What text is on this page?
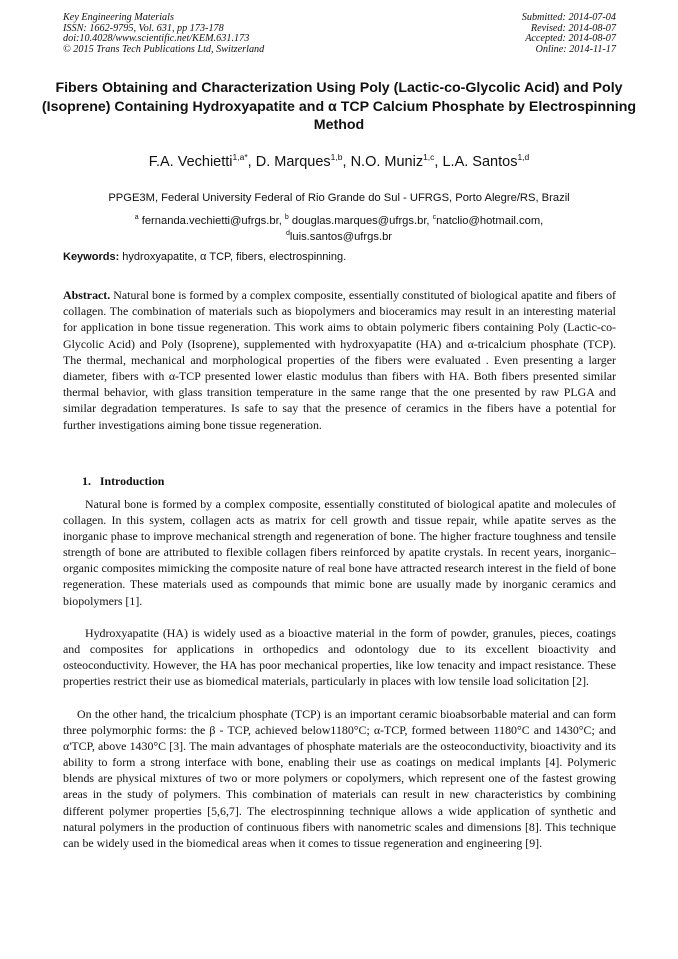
Key Engineering Materials
ISSN: 1662-9795, Vol. 631, pp 173-178
doi:10.4028/www.scientific.net/KEM.631.173
© 2015 Trans Tech Publications Ltd, Switzerland
Submitted: 2014-07-04
Revised: 2014-08-07
Accepted: 2014-08-07
Online: 2014-11-17
Fibers Obtaining and Characterization Using Poly (Lactic-co-Glycolic Acid) and Poly (Isoprene) Containing Hydroxyapatite and α TCP Calcium Phosphate by Electrospinning Method
F.A. Vechietti$^{1,a*}$, D. Marques$^{1,b}$, N.O. Muniz$^{1,c}$, L.A. Santos$^{1,d}$
PPGE3M, Federal University Federal of Rio Grande do Sul - UFRGS, Porto Alegre/RS, Brazil
$^a$ fernanda.vechietti@ufrgs.br, $^b$ douglas.marques@ufrgs.br, $^c$natclio@hotmail.com,
$^d$luis.santos@ufrgs.br
Keywords: hydroxyapatite, α TCP, fibers, electrospinning.
Abstract. Natural bone is formed by a complex composite, essentially constituted of biological apatite and fibers of collagen. The combination of materials such as biopolymers and bioceramics may result in an interesting material for application in bone tissue regeneration. This work aims to obtain polymeric fibers containing Poly (Lactic-co-Glycolic Acid) and Poly (Isoprene), supplemented with hydroxyapatite (HA) and α-tricalcium phosphate (TCP). The thermal, mechanical and morphological properties of the fibers were evaluated . Even presenting a larger diameter, fibers with α-TCP presented lower elastic modulus than fibers with HA. Both fibers presented similar thermal behavior, with glass transition temperature in the same range that the one presented by raw PLGA and similar degradation temperatures. Is safe to say that the presence of ceramics in the fibers have a potential for further investigations aiming bone tissue regeneration.
1. Introduction
Natural bone is formed by a complex composite, essentially constituted of biological apatite and molecules of collagen. In this system, collagen acts as matrix for cell growth and tissue repair, while apatite serves as the inorganic phase to improve mechanical strength and regeneration of bone. The higher fracture toughness and tensile strength of bone are attributed to flexible collagen fibers reinforced by apatite crystals. In recent years, inorganic–organic composites mimicking the composite nature of real bone have attracted research interest in the field of bone regeneration. These materials used as compounds that mimic bone are usually made by inorganic ceramics and biopolymers [1].
Hydroxyapatite (HA) is widely used as a bioactive material in the form of powder, granules, pieces, coatings and composites for applications in orthopedics and odontology due to its excellent bioactivity and osteoconductivity. However, the HA has poor mechanical properties, like low tenacity and impact resistance. These properties restrict their use as biomedical materials, particularly in places with low tensile load solicitation [2].
On the other hand, the tricalcium phosphate (TCP) is an important ceramic bioabsorbable material and can form three polymorphic forms: the β - TCP, achieved below1180°C; α-TCP, formed between 1180°C and 1430°C; and α'TCP, above 1430°C [3]. The main advantages of phosphate materials are the osteoconductivity, bioactivity and its ability to form a strong interface with bone, enabling their use as coatings on medical implants [4]. Polymeric blends are physical mixtures of two or more polymers or copolymers, which represent one of the fastest growing areas in the study of polymers. This combination of materials can result in new characteristics by combining different polymer properties [5,6,7]. The electrospinning technique allows a wide application of synthetic and natural polymers in the production of continuous fibers with nanometric scales and dimensions [8]. This technique can be widely used in the biomedical areas when it comes to tissue regeneration and engineering [9].
